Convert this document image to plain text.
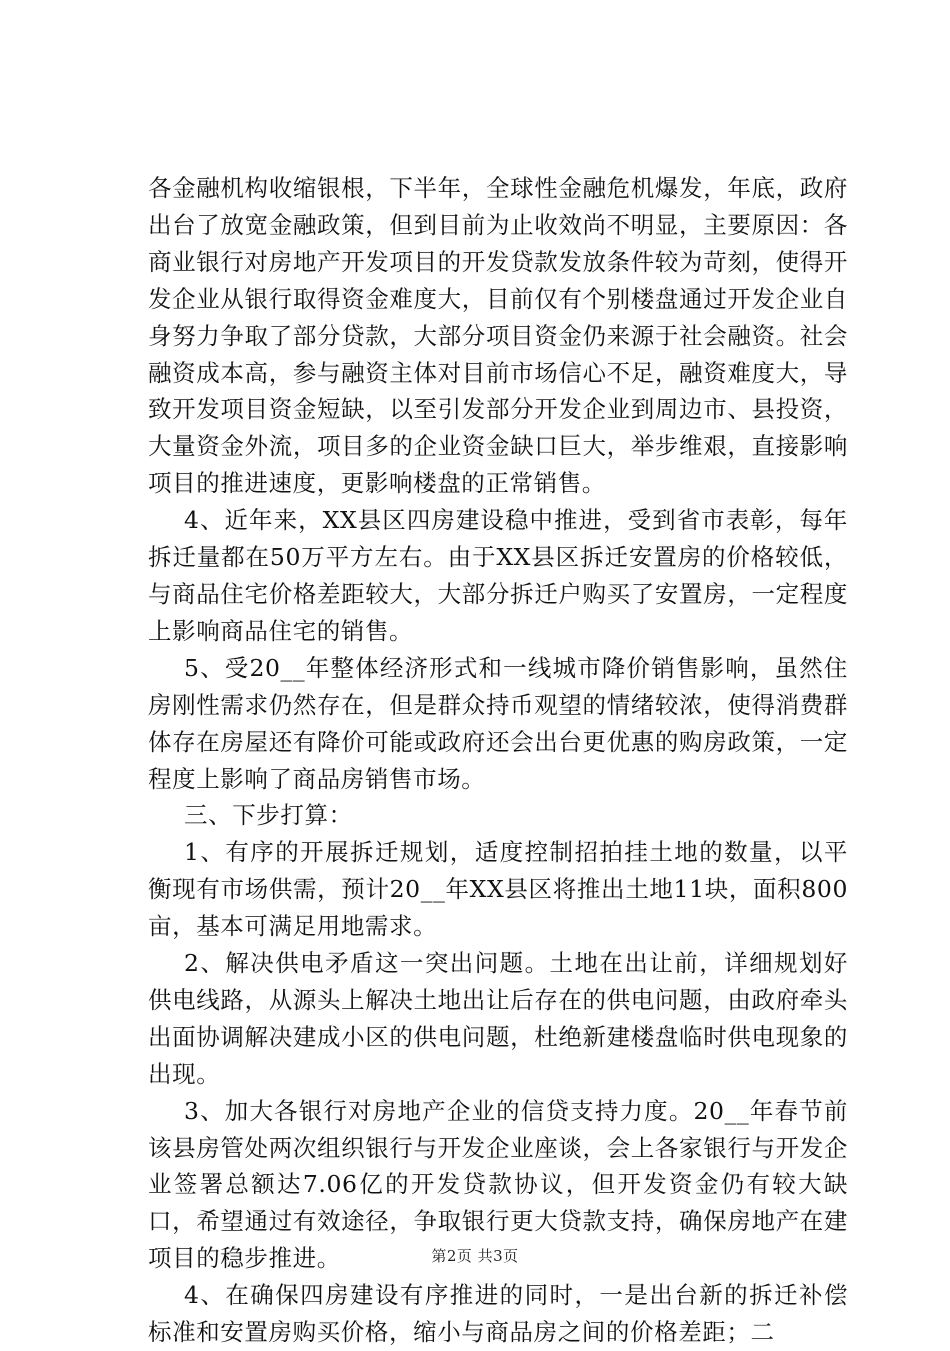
各金融机构收缩银根，下半年，全球性金融危机爆发，年底，政府出台了放宽金融政策，但到目前为止收效尚不明显，主要原因：各商业银行对房地产开发项目的开发贷款发放条件较为苛刻，使得开发企业从银行取得资金难度大，目前仅有个别楼盘通过开发企业自身努力争取了部分贷款，大部分项目资金仍来源于社会融资。社会融资成本高，参与融资主体对目前市场信心不足，融资难度大，导致开发项目资金短缺，以至引发部分开发企业到周边市、县投资，大量资金外流，项目多的企业资金缺口巨大，举步维艰，直接影响项目的推进速度，更影响楼盘的正常销售。

4、近年来，XX县区四房建设稳中推进，受到省市表彰，每年拆迁量都在50万平方左右。由于XX县区拆迁安置房的价格较低，与商品住宅价格差距较大，大部分拆迁户购买了安置房，一定程度上影响商品住宅的销售。

5、受20__年整体经济形式和一线城市降价销售影响，虽然住房刚性需求仍然存在，但是群众持币观望的情绪较浓，使得消费群体存在房屋还有降价可能或政府还会出台更优惠的购房政策，一定程度上影响了商品房销售市场。

三、下步打算：

1、有序的开展拆迁规划，适度控制招拍挂土地的数量，以平衡现有市场供需，预计20__年XX县区将推出土地11块，面积800亩，基本可满足用地需求。

2、解决供电矛盾这一突出问题。土地在出让前，详细规划好供电线路，从源头上解决土地出让后存在的供电问题，由政府牵头出面协调解决建成小区的供电问题，杜绝新建楼盘临时供电现象的出现。

3、加大各银行对房地产企业的信贷支持力度。20__年春节前该县房管处两次组织银行与开发企业座谈，会上各家银行与开发企业签署总额达7.06亿的开发贷款协议，但开发资金仍有较大缺口，希望通过有效途径，争取银行更大贷款支持，确保房地产在建项目的稳步推进。

4、在确保四房建设有序推进的同时，一是出台新的拆迁补偿标准和安置房购买价格，缩小与商品房之间的价格差距；二

第2页 共3页
